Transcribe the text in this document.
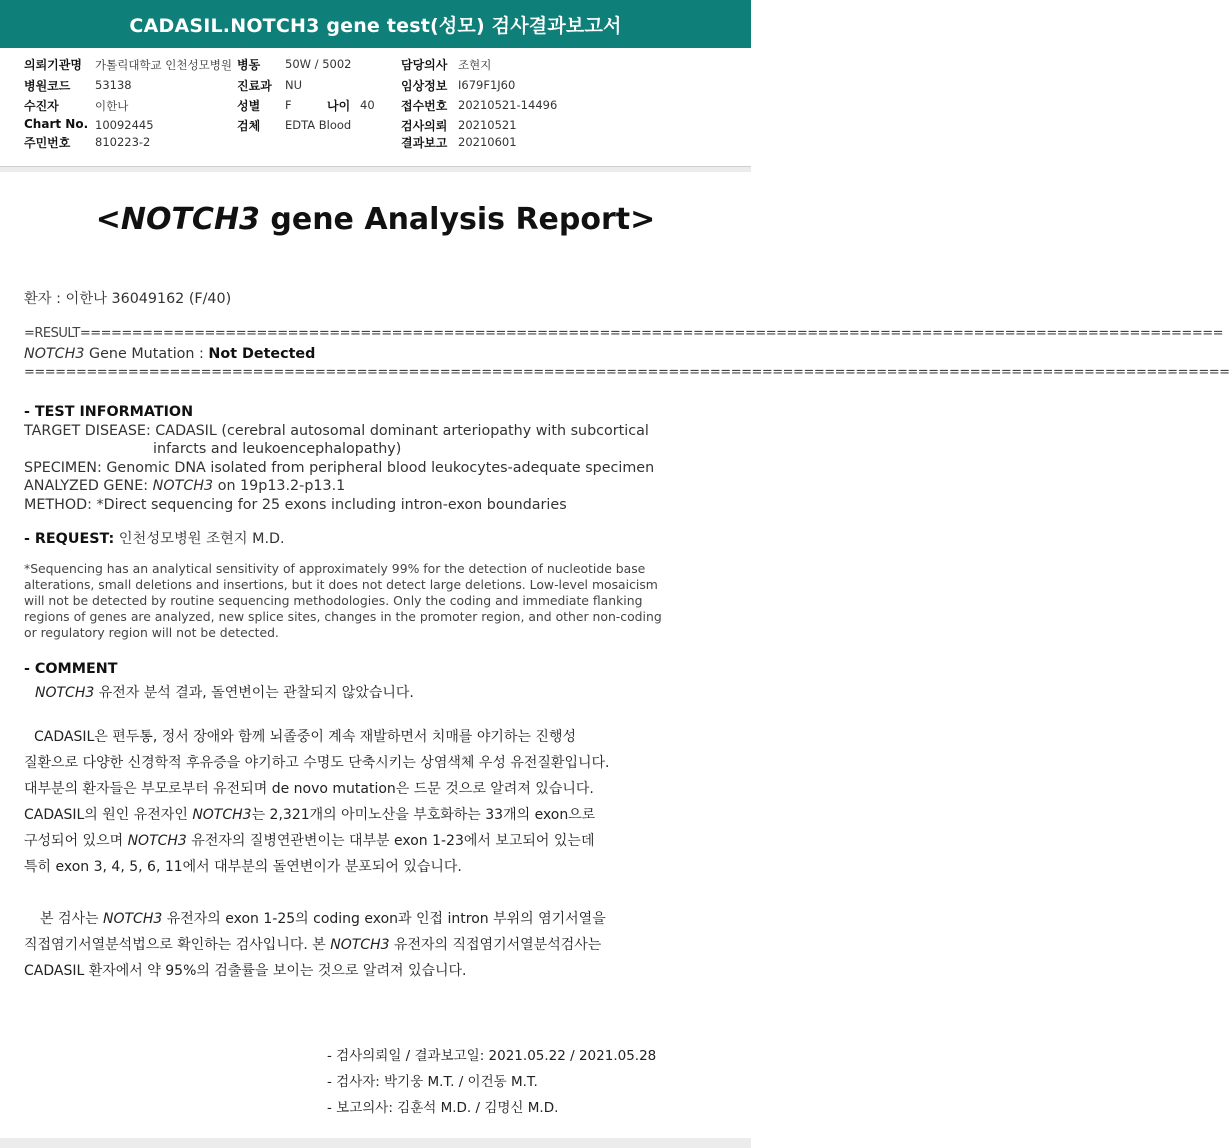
CADASIL.NOTCH3 gene test(성모) 검사결과보고서
의뢰기관명 가톨릭대학교 인천성모병원
병원코드 53138
수진자	이한나
Chart No. 10092445
주민번호 810223-2
병동 50W / 5002
진료과 NU
성별 F	나이 40
검체 EDTA Blood
담당의사 조현지
임상정보 I679F1J60
접수번호 20210521-14496
검사의뢰 20210521
결과보고 20210601
<NOTCH3 gene Analysis Report>
환자 : 이한나 36049162 (F/40)
=RESULT==============================================================================================================
NOTCH3 Gene Mutation : Not Detected
====================================================================================================================
- TEST INFORMATION
TARGET DISEASE: CADASIL (cerebral autosomal dominant arteriopathy with subcortical
infarcts and leukoencephalopathy)
SPECIMEN: Genomic DNA isolated from peripheral blood leukocytes-adequate specimen
ANALYZED GENE: NOTCH3 on 19p13.2-p13.1
METHOD: *Direct sequencing for 25 exons including intron-exon boundaries
- REQUEST: 인천성모병원 조현지 M.D.
*Sequencing has an analytical sensitivity of approximately 99% for the detection of nucleotide base
alterations, small deletions and insertions, but it does not detect large deletions. Low-level mosaicism
will not be detected by routine sequencing methodologies. Only the coding and immediate flanking
regions of genes are analyzed, new splice sites, changes in the promoter region, and other non-coding
or regulatory region will not be detected.
- COMMENT
NOTCH3 유전자 분석 결과, 돌연변이는 관찰되지 않았습니다.
CADASIL은 편두통, 정서 장애와 함께 뇌졸중이 계속 재발하면서 치매를 야기하는 진행성
질환으로 다양한 신경학적 후유증을 야기하고 수명도 단축시키는 상염색체 우성 유전질환입니다.
대부분의 환자들은 부모로부터 유전되며 de novo mutation은 드문 것으로 알려져 있습니다.
CADASIL의 원인 유전자인 NOTCH3는 2,321개의 아미노산을 부호화하는 33개의 exon으로
구성되어 있으며 NOTCH3 유전자의 질병연관변이는 대부분 exon 1-23에서 보고되어 있는데
특히 exon 3, 4, 5, 6, 11에서 대부분의 돌연변이가 분포되어 있습니다.
본 검사는 NOTCH3 유전자의 exon 1-25의 coding exon과 인접 intron 부위의 염기서열을
직접염기서열분석법으로 확인하는 검사입니다. 본 NOTCH3 유전자의 직접염기서열분석검사는
CADASIL 환자에서 약 95%의 검출률을 보이는 것으로 알려져 있습니다.
- 검사의뢰일 / 결과보고일: 2021.05.22 / 2021.05.28
- 검사자: 박기웅 M.T. / 이건동 M.T.
- 보고의사: 김훈석 M.D. / 김명신 M.D.
